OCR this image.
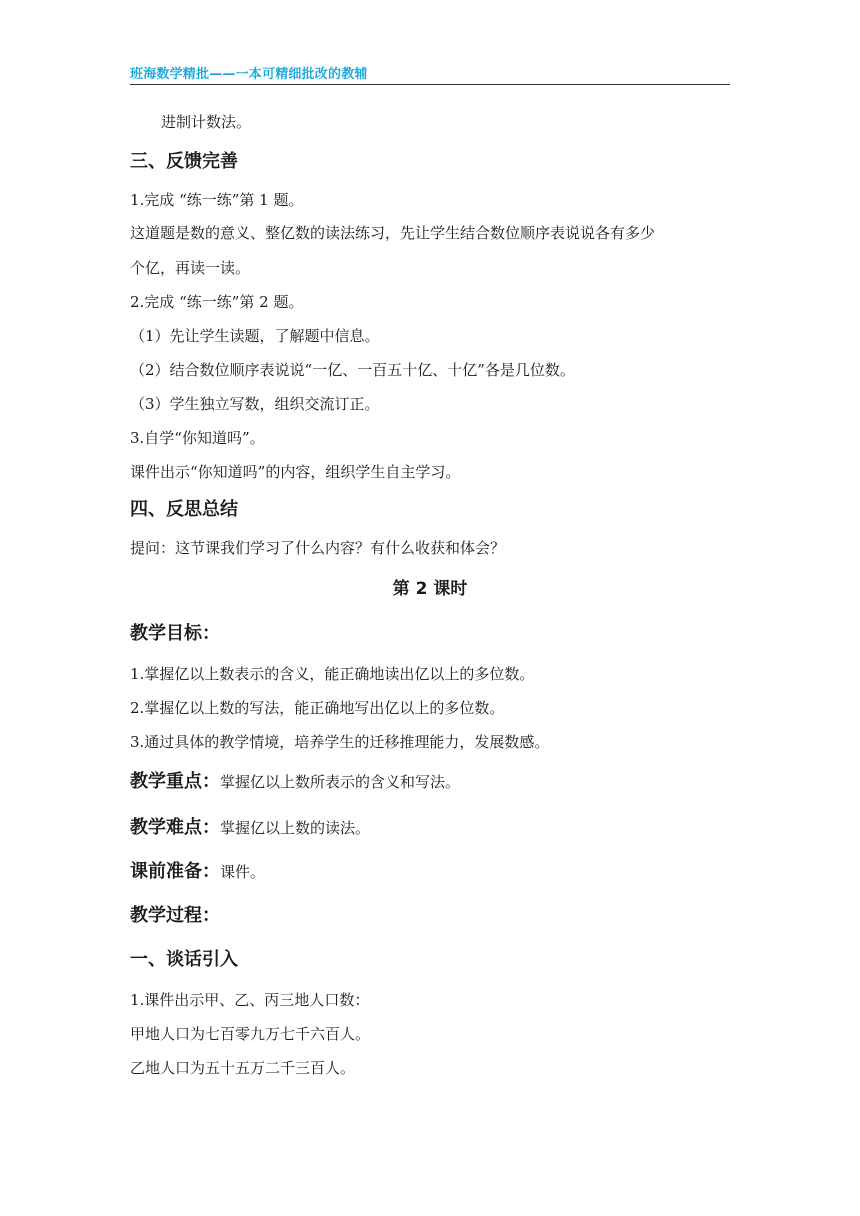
班海数学精批——一本可精细批改的教辅
进制计数法。
三、反馈完善
1.完成 “练一练”第 1 题。
这道题是数的意义、整亿数的读法练习，先让学生结合数位顺序表说说各有多少
个亿，再读一读。
2.完成 “练一练”第 2 题。
（1）先让学生读题，了解题中信息。
（2）结合数位顺序表说说“一亿、一百五十亿、十亿”各是几位数。
（3）学生独立写数，组织交流订正。
3.自学“你知道吗”。
课件出示“你知道吗”的内容，组织学生自主学习。
四、反思总结
提问：这节课我们学习了什么内容？有什么收获和体会？
第 2 课时
教学目标：
1.掌握亿以上数表示的含义，能正确地读出亿以上的多位数。
2.掌握亿以上数的写法，能正确地写出亿以上的多位数。
3.通过具体的教学情境，培养学生的迁移推理能力，发展数感。
教学重点：掌握亿以上数所表示的含义和写法。
教学难点：掌握亿以上数的读法。
课前准备：课件。
教学过程：
一、谈话引入
1.课件出示甲、乙、丙三地人口数：
甲地人口为七百零九万七千六百人。
乙地人口为五十五万二千三百人。
